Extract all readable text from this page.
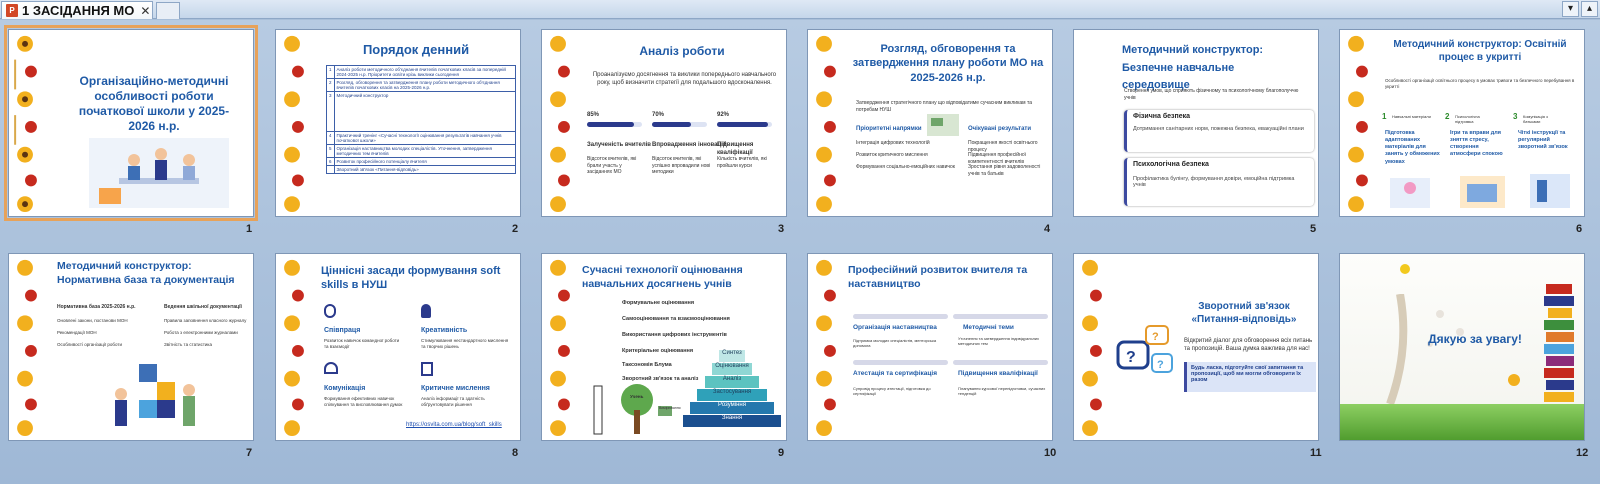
P 1 ЗАСІДАННЯ МО ✕	▾	▴
Організаційно-методичні особливості роботи початкової школи у 2025-2026 н.р.
1
Порядок денний
1	Аналіз роботи методичного об'єднання вчителів початкових класів за попередній 2024-2025 н.р. Пріоритети освіти крізь виклики сьогодення
2	Розгляд, обговорення та затвердження плану роботи методичного об'єднання вчителів початкових класів на 2025-2026 н.р.
3	Методичний конструктор
4	Практичний тренінг «Сучасні технології оцінювання результатів навчання учнів початкової школи»
5	Організація наставництва молодих спеціалістів. Уточнення, затвердження методичних тем вчителів
6	Розвиток професійного потенціалу вчителя
	Зворотний зв'язок «Питання-відповідь»
2
Аналіз роботи
Проаналізуємо досягнення та виклики попереднього навчального року, щоб визначити стратегії для подальшого вдосконалення.
85%	70%	92%
Залученість вчителів Впровадження інновацій
Підвищення кваліфікації
Відсоток вчителів, які брали участь у засіданнях МО
Відсоток вчителів, які успішно впровадили нові методики
Кількість вчителів, які пройшли курси
3
Розгляд, обговорення та затвердження плану роботи МО на 2025-2026 н.р.
Затвердження стратегічного плану що відповідатиме сучасним викликам та потребам НУШ
Пріоритетні напрямки	Очікувані результати
Інтеграція цифрових технологій
Розвиток критичного мислення
Формування соціально-емоційних навичок
Покращення якості освітнього процесу
Підвищення професійної компетентності вчителів
Зростання рівня задоволеності учнів та батьків
4
Методичний конструктор: Безпечне навчальне середовище
Створення умов, що сприяють фізичному та психологічному благополуччю учнів
Фізична безпека
Дотримання санітарних норм, пожежна безпека, евакуаційні плани
Психологічна безпека
Профілактика булінгу, формування довіри, емоційна підтримка учнів
5
Методичний конструктор: Освітній процес в укритті
Особливості організації освітнього процесу в умовах тривоги та безпечного перебування в укритті
1	2	3
Навчальні матеріали	Психологічна підтримка
Комунікація з батьками
Підготовка адаптованих матеріалів для занять у обмежених умовах
Ігри та вправи для зняття стресу, створення атмосфери спокою
Чіткі інструкції та регулярний зворотний зв'язок
6
Методичний конструктор: Нормативна база та документація
Нормативна база 2025-2026 н.р.	Ведення шкільної документації
Оновлені закони, постанови МОН
Рекомендації МОН
Особливості організації роботи
Правила заповнення класного журналу
Робота з електронними журналами
Звітність та статистика
7
Ціннісні засади формування soft skills в НУШ
Співпраця	Креативність
Розвиток навичок командної роботи та взаємодії
Стимулювання нестандартного мислення та творчих рішень
Комунікація	Критичне мислення
Формування ефективних навичок спілкування та висловлювання думок
Аналіз інформації та здатність обґрунтовувати рішення
https://osvita.com.ua/blog/soft_skills
8
Сучасні технології оцінювання навчальних досягнень учнів
Формувальне оцінювання
Самооцінювання та взаємооцінювання
Використання цифрових інструментів
Критеріальне оцінювання
Таксономія Блума
Зворотний зв'язок та аналіз
Синтез
Оцінювання
Аналіз
Застосування
Розуміння
Знання
Учень
Вимірювання
9
Професійний розвиток вчителя та наставництво
Організація наставництва	Методичні теми
Підтримка молодих спеціалістів, менторська допомога
Уточнення та затвердження індивідуальних методичних тем
Атестація та сертифікація	Підвищення кваліфікації
Супровід процесу атестації, підготовка до сертифікації
Планування курсової перепідготовки, сучасних тенденцій
10
Зворотний зв'язок «Питання-відповідь»
?
?
?
Відкритий діалог для обговорення всіх питань та пропозицій. Ваша думка важлива для нас!
Будь ласка, підготуйте свої запитання та пропозиції, щоб ми могли обговорити їх разом
11
Дякую за увагу!
12
